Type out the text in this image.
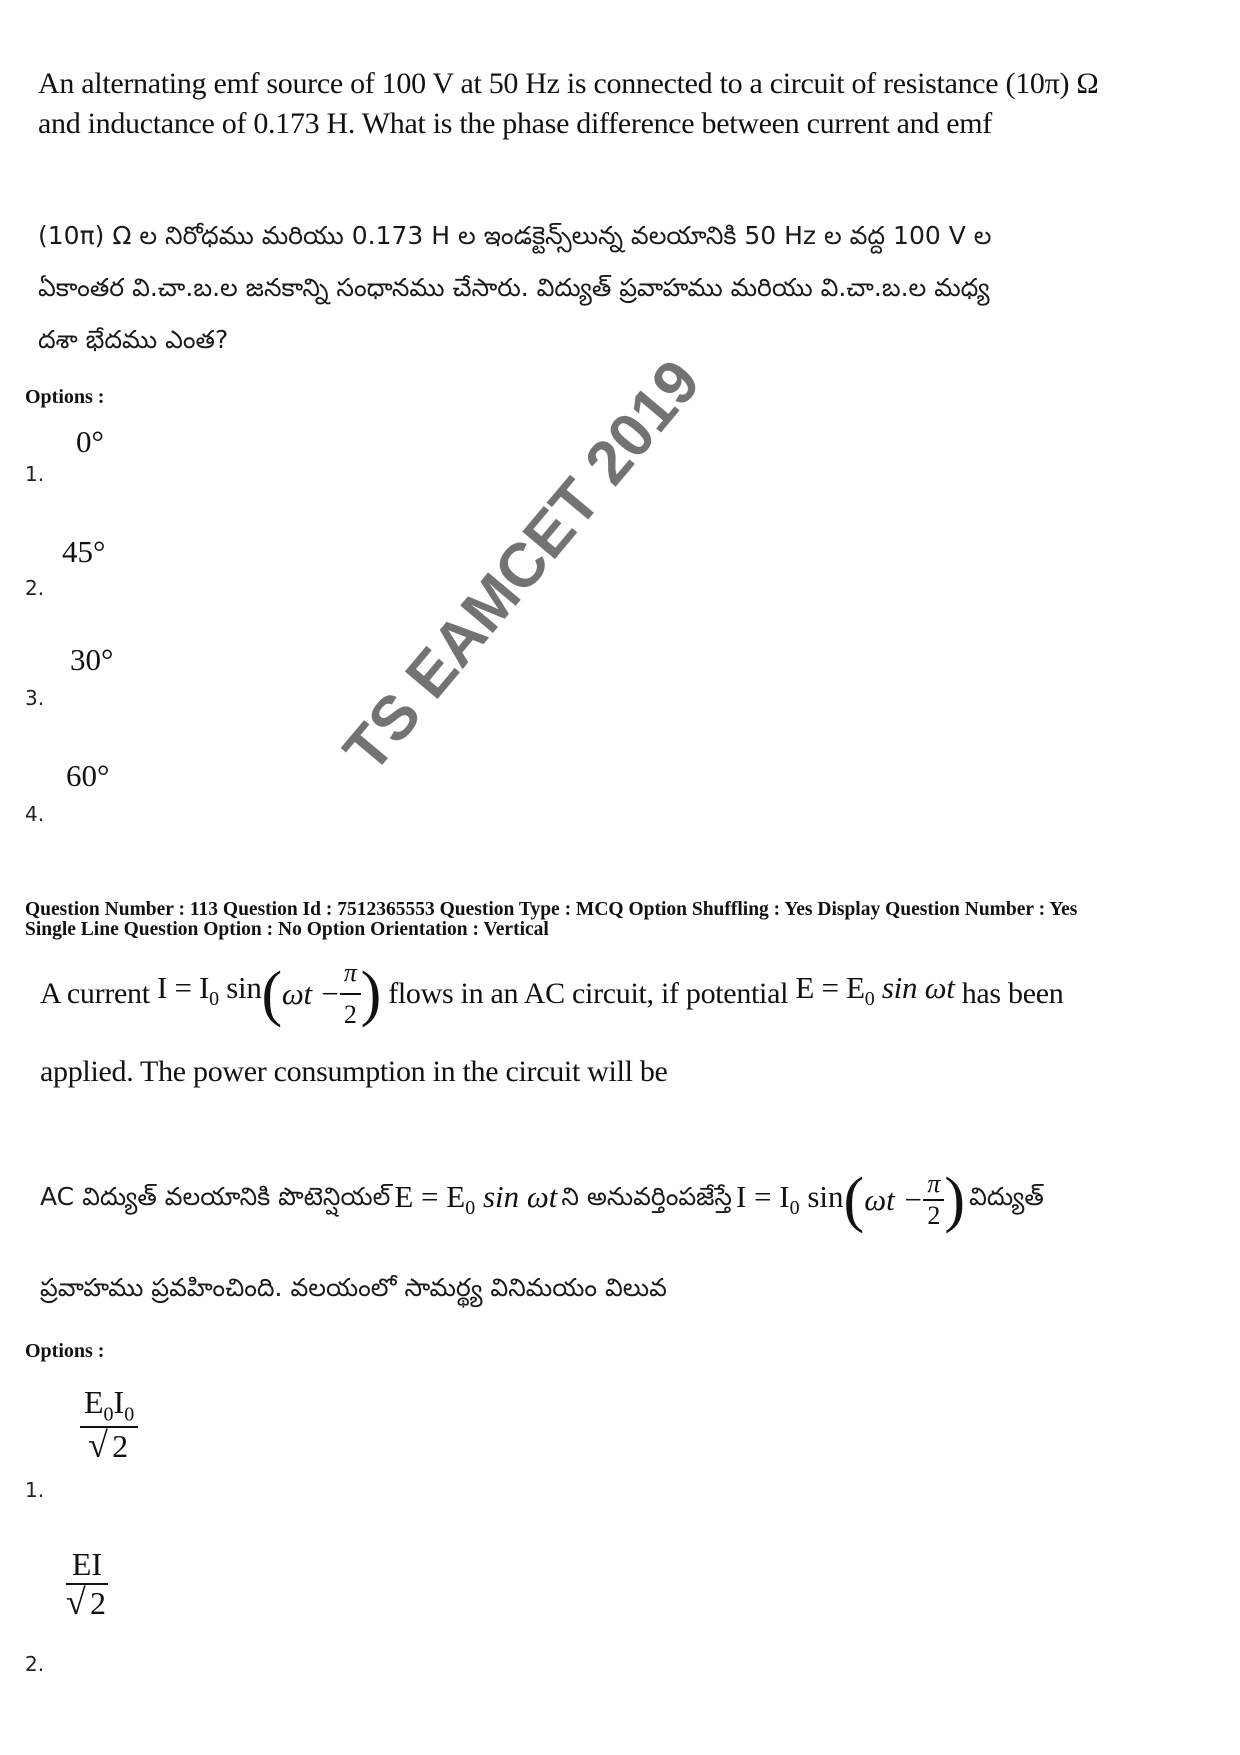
An alternating emf source of 100 V at 50 Hz is connected to a circuit of resistance (10π) Ω
and inductance of 0.173 H. What is the phase difference between current and emf
(10π) Ω ల నిరోధము మరియు 0.173 H ల ఇండక్టెన్స్‌లున్న వలయానికి 50 Hz ల వద్ద 100 V ల
ఏకాంతర వి.చా.బ.ల జనకాన్ని సంధానము చేసారు. విద్యుత్ ప్రవాహము మరియు వి.చా.బ.ల మధ్య
దశా భేదము ఎంత?
Options :
0°
1.
45°
2.
30°
3.
60°
4.
Question Number : 113 Question Id : 7512365553 Question Type : MCQ Option Shuffling : Yes Display Question Number : Yes
Single Line Question Option : No Option Orientation : Vertical
A current
$I = I_0$ sin ( $\omega t - \frac{\pi}{2}$ )
flows in an AC circuit, if potential
$E = E_0$ sin ωt
has been
applied. The power consumption in the circuit will be
AC విద్యుత్ వలయానికి పొటెన్షియల్
$E = E_0$ sin ωt
ని అనువర్తింపజేస్తే
$I = I_0$ sin ( $\omega t - \frac{\pi}{2}$ )
విద్యుత్
ప్రవాహము ప్రవహించింది. వలయంలో సామర్థ్య వినిమయం విలువ
Options :
$\frac{E_0I_0}{√ 2}$
1.
$\frac{EI}{√ 2}$
2.
TS EAMCET 2019
